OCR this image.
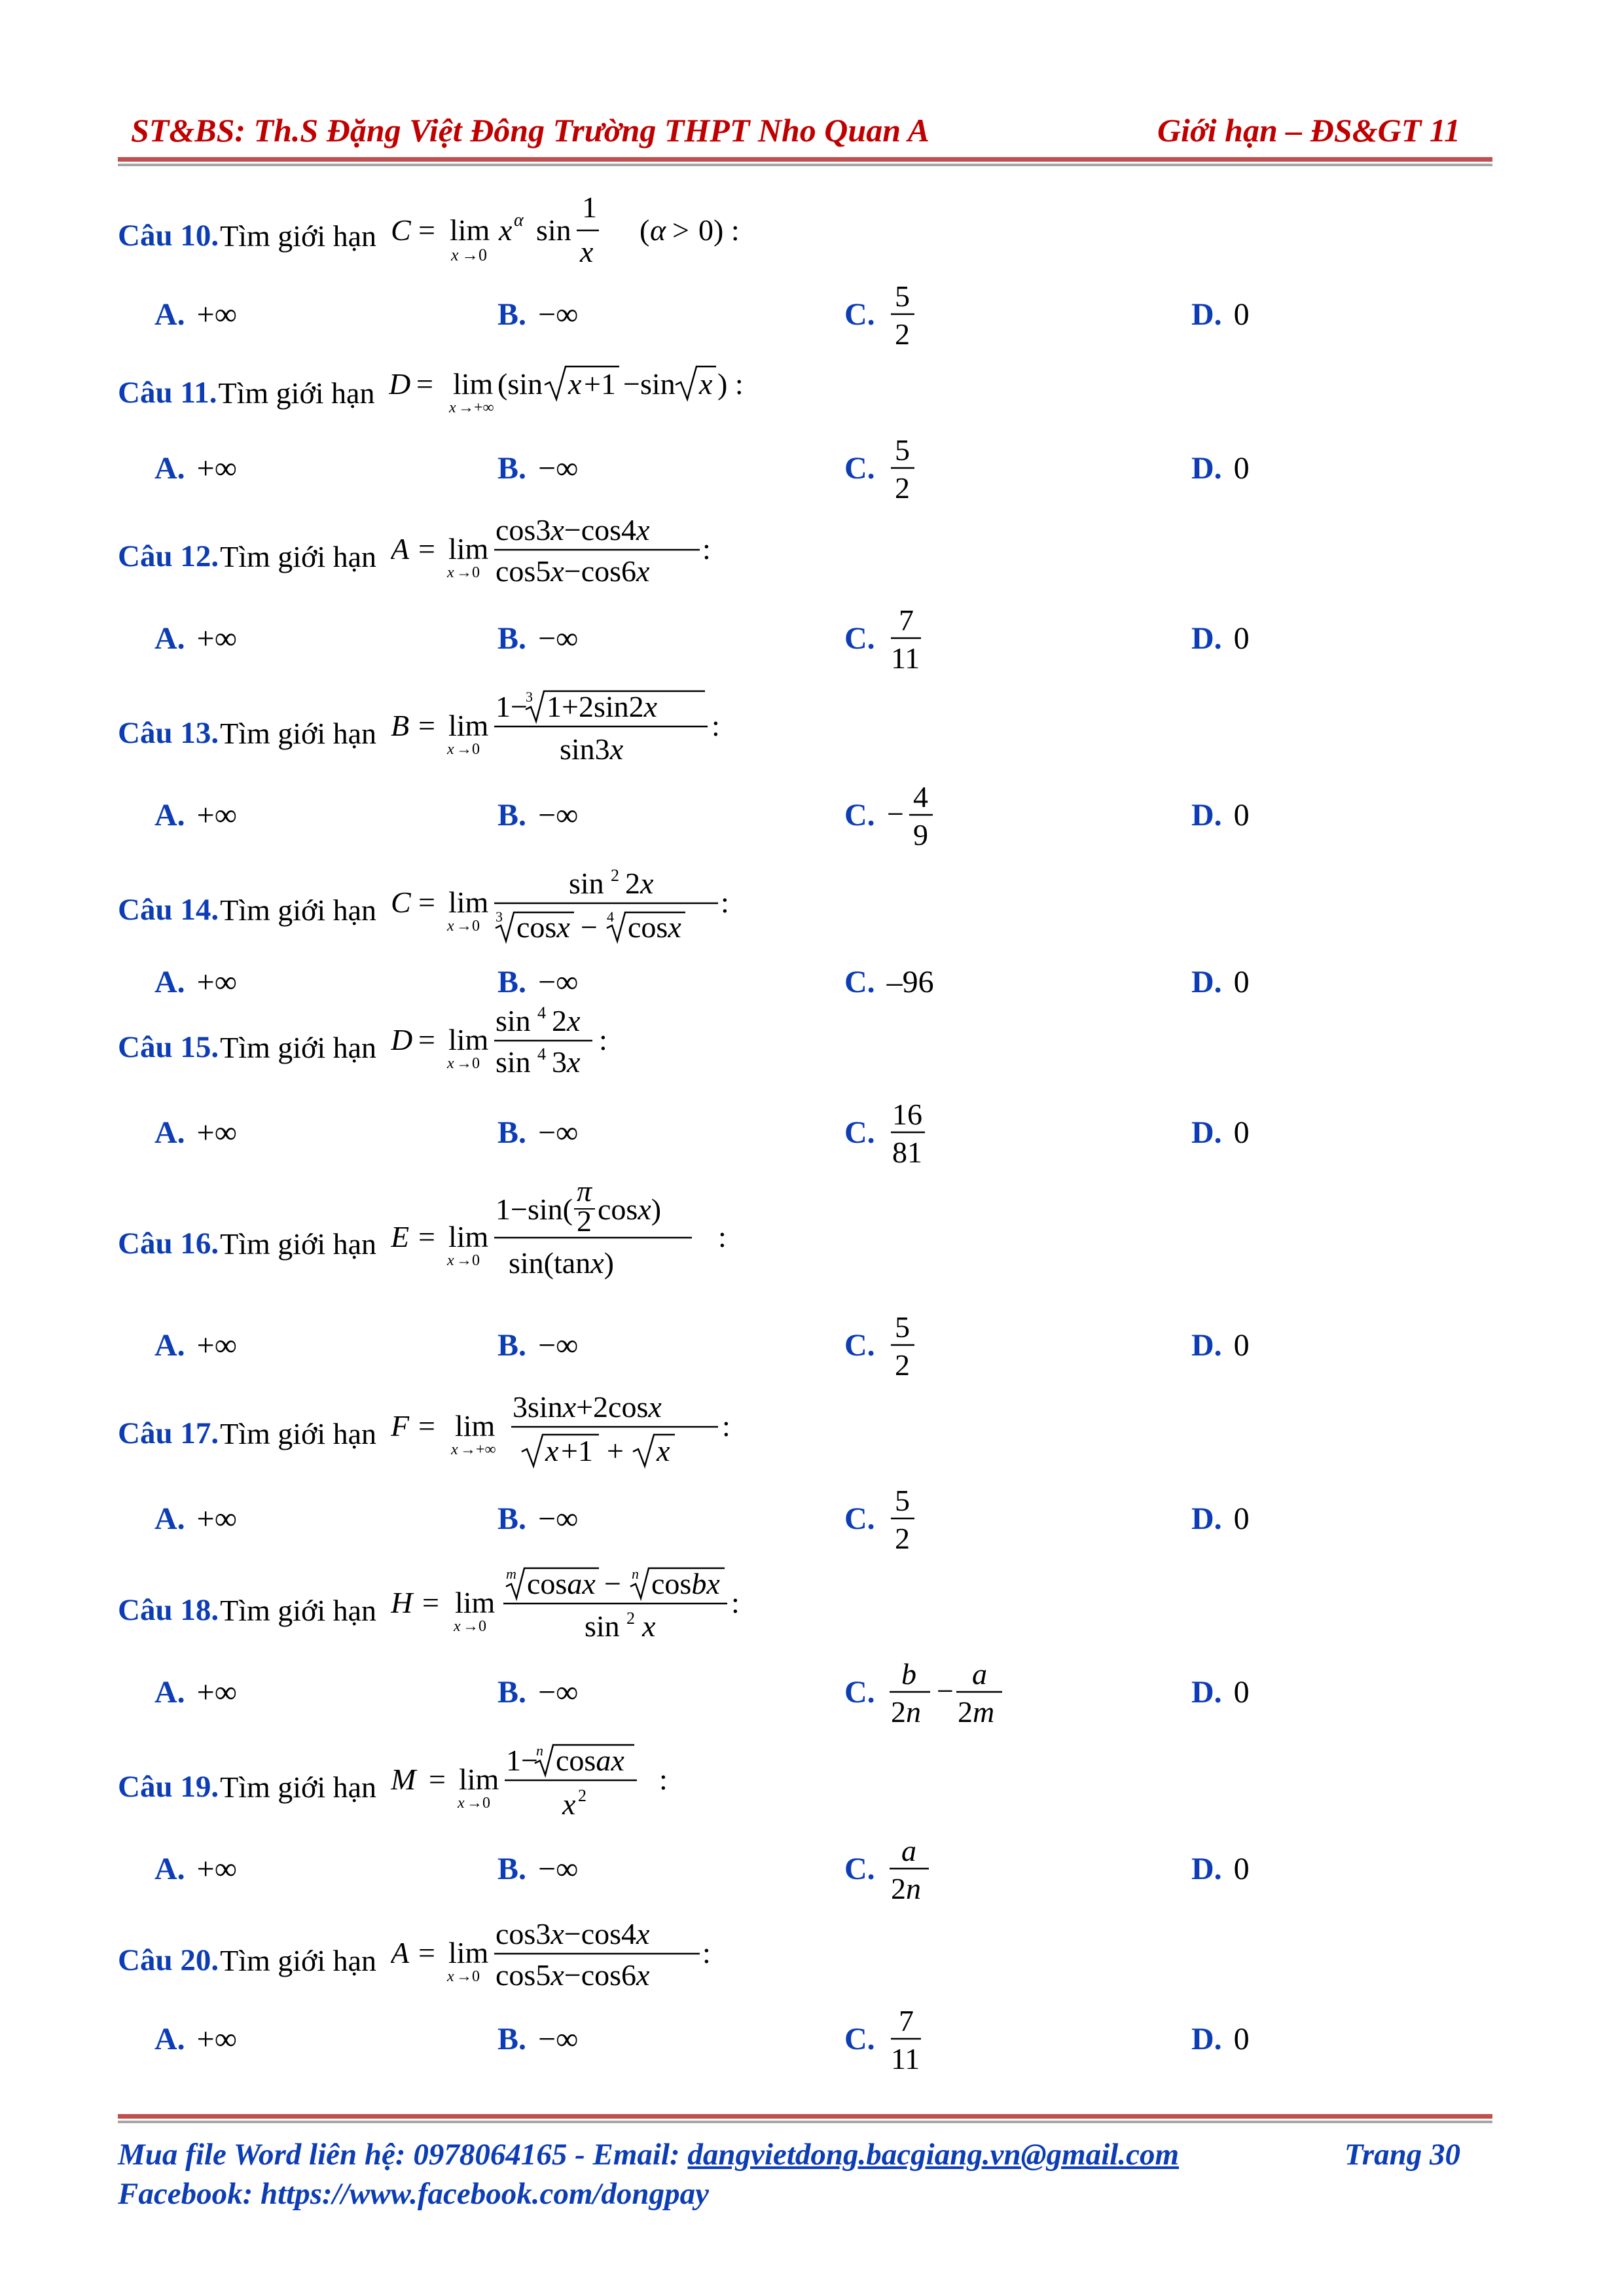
ST&BS: Th.S Đặng Việt Đông Trường THPT Nho Quan A	Giới hạn – ĐS&GT 11
Câu 10. Tìm giới hạn C = lim
x →0
x α sin
1
x
( α > 0) :
A. +∞	B. −∞	C.
5
2
D. 0
Câu 11. Tìm giới hạn D = lim
x →+∞
(sin x +1 −sin x ) :
A. +∞	B. −∞	C.
5
2
D. 0
Câu 12. Tìm giới hạn A = lim
x →0
cos3x−cos4x
cos5x−cos6x
:
A. +∞	B. −∞	C.
7
11
D. 0
Câu 13. Tìm giới hạn B = lim
x →0
1−
3 1+2sin2x
sin3x
:
A. +∞	B. −∞	C. −
4
9
D. 0
Câu 14. Tìm giới hạn C = lim
x →0
sin 2 2x
3 cosx − 4 cosx
:
A. +∞	B. −∞	C. –96	D. 0
Câu 15. Tìm giới hạn D = lim
x →0
sin 4 2x
sin 4 3x
:
A. +∞	B. −∞	C.
16
81
D. 0
Câu 16. Tìm giới hạn E = lim
x →0
1−sin(
π
2 cosx)
sin(tanx)
:
A. +∞	B. −∞	C.
5
2
D. 0
Câu 17. Tìm giới hạn F = lim
x →+∞
3sinx+2cosx
x +1 + x
:
A. +∞	B. −∞	C.
5
2
D. 0
Câu 18. Tìm giới hạn H = lim
x →0
m cosax − n cosbx
sin 2 x
:
A. +∞	B. −∞	C.
b
2n
−
a
2m
D. 0
Câu 19. Tìm giới hạn M = lim
x →0
1−
n cosax
x 2 :
A. +∞	B. −∞	C.
a
2n
D. 0
Câu 20. Tìm giới hạn A = lim
x →0
cos3x−cos4x
cos5x−cos6x
:
A. +∞	B. −∞	C.
7
11
D. 0
Mua file Word liên hệ: 0978064165 - Email: dangvietdong.bacgiang.vn@gmail.com	Trang 30
Facebook: https://www.facebook.com/dongpay
